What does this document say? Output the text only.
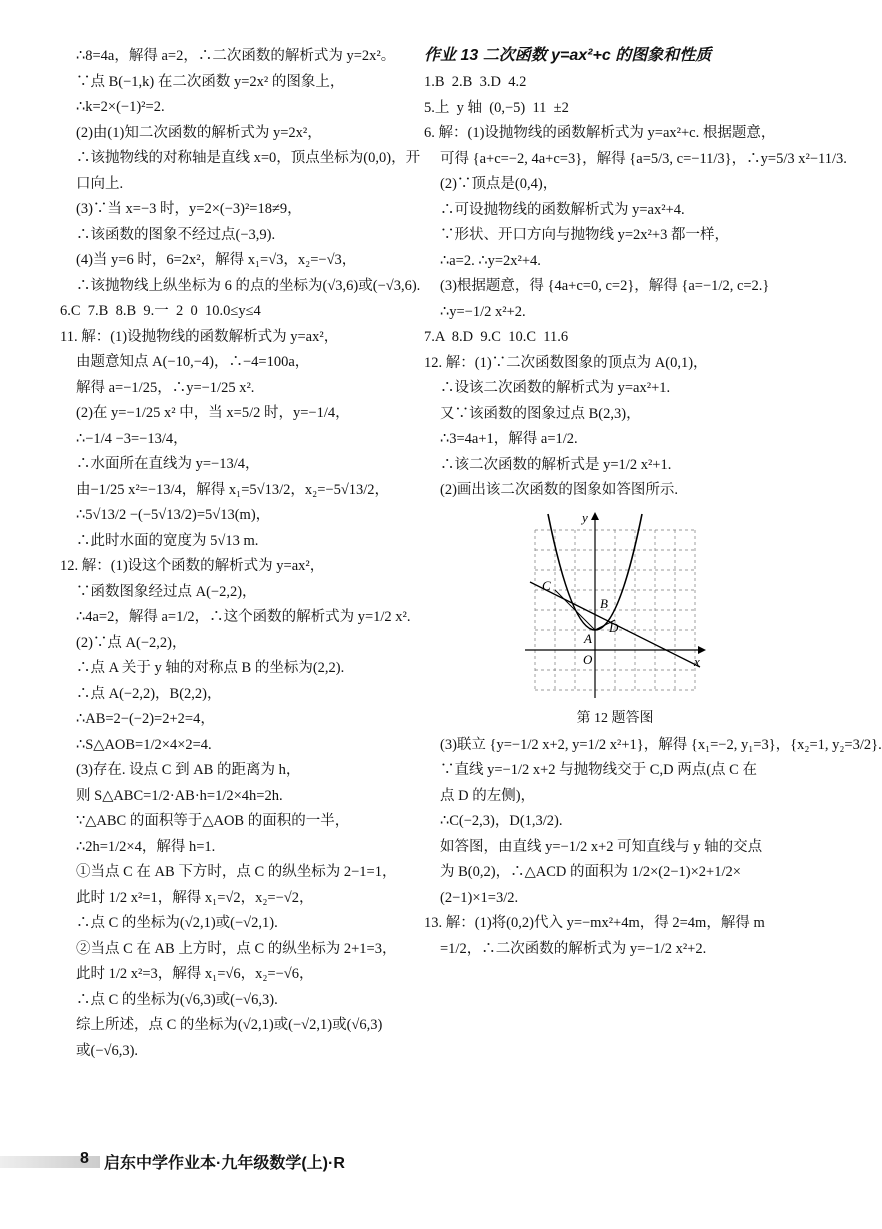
∴8=4a，解得 a=2，∴二次函数的解析式为 y=2x²。
∵点 B(−1,k) 在二次函数 y=2x² 的图象上，
∴k=2×(−1)²=2.
(2)由(1)知二次函数的解析式为 y=2x²，
∴该抛物线的对称轴是直线 x=0，顶点坐标为(0,0)，开
口向上.
(3)∵当 x=−3 时，y=2×(−3)²=18≠9，
∴该函数的图象不经过点(−3,9).
(4)当 y=6 时，6=2x²，解得 x₁=√3，x₂=−√3，
∴该抛物线上纵坐标为 6 的点的坐标为(√3,6)或(−√3,6).
6.C  7.B  8.B  9.一  2  0  10.0≤y≤4
11. 解：(1)设抛物线的函数解析式为 y=ax²，
由题意知点 A(−10,−4)，∴−4=100a，
解得 a=−1/25，∴y=−1/25 x².
(2)在 y=−1/25 x² 中，当 x=5/2 时，y=−1/4，
∴−1/4 −3=−13/4，
∴水面所在直线为 y=−13/4，
由−1/25 x²=−13/4，解得 x₁=5√13/2，x₂=−5√13/2，
∴5√13/2 −(−5√13/2)=5√13(m)，
∴此时水面的宽度为 5√13 m.
12. 解：(1)设这个函数的解析式为 y=ax²，
∵函数图象经过点 A(−2,2)，
∴4a=2，解得 a=1/2，∴这个函数的解析式为 y=1/2 x².
(2)∵点 A(−2,2)，
∴点 A 关于 y 轴的对称点 B 的坐标为(2,2).
∴点 A(−2,2)，B(2,2)，
∴AB=2−(−2)=2+2=4，
∴S△AOB=1/2×4×2=4.
(3)存在. 设点 C 到 AB 的距离为 h，
则 S△ABC=1/2·AB·h=1/2×4h=2h.
∵△ABC 的面积等于△AOB 的面积的一半，
∴2h=1/2×4，解得 h=1.
①当点 C 在 AB 下方时，点 C 的纵坐标为 2−1=1，
此时 1/2 x²=1，解得 x₁=√2，x₂=−√2，
∴点 C 的坐标为(√2,1)或(−√2,1).
②当点 C 在 AB 上方时，点 C 的纵坐标为 2+1=3，
此时 1/2 x²=3，解得 x₁=√6，x₂=−√6，
∴点 C 的坐标为(√6,3)或(−√6,3).
综上所述，点 C 的坐标为(√2,1)或(−√2,1)或(√6,3)
或(−√6,3).
作业 13 二次函数 y=ax²+c 的图象和性质
1.B  2.B  3.D  4.2
5.上  y 轴  (0,−5)  11  ±2
6. 解：(1)设抛物线的函数解析式为 y=ax²+c. 根据题意，
可得 {a+c=−2, 4a+c=3}，解得 {a=5/3, c=−11/3}，∴y=5/3 x²−11/3.
(2)∵顶点是(0,4)，
∴可设抛物线的函数解析式为 y=ax²+4.
∵形状、开口方向与抛物线 y=2x²+3 都一样，
∴a=2. ∴y=2x²+4.
(3)根据题意，得 {4a+c=0, c=2}，解得 {a=−1/2, c=2.}
∴y=−1/2 x²+2.
7.A  8.D  9.C  10.C  11.6
12. 解：(1)∵二次函数图象的顶点为 A(0,1)，
∴设该二次函数的解析式为 y=ax²+1.
又∵该函数的图象过点 B(2,3)，
∴3=4a+1，解得 a=1/2.
∴该二次函数的解析式是 y=1/2 x²+1.
(2)画出该二次函数的图象如答图所示.
y
x
O
A
B
C
D
第 12 题答图
(3)联立 {y=−1/2 x+2, y=1/2 x²+1}，解得 {x₁=−2, y₁=3}，{x₂=1, y₂=3/2}.
∵直线 y=−1/2 x+2 与抛物线交于 C,D 两点(点 C 在
点 D 的左侧)，
∴C(−2,3)，D(1,3/2).
如答图，由直线 y=−1/2 x+2 可知直线与 y 轴的交点
为 B(0,2)，∴△ACD 的面积为 1/2×(2−1)×2+1/2×
(2−1)×1=3/2.
13. 解：(1)将(0,2)代入 y=−mx²+4m，得 2=4m，解得 m
=1/2，∴二次函数的解析式为 y=−1/2 x²+2.
8 启东中学作业本·九年级数学(上)·R
